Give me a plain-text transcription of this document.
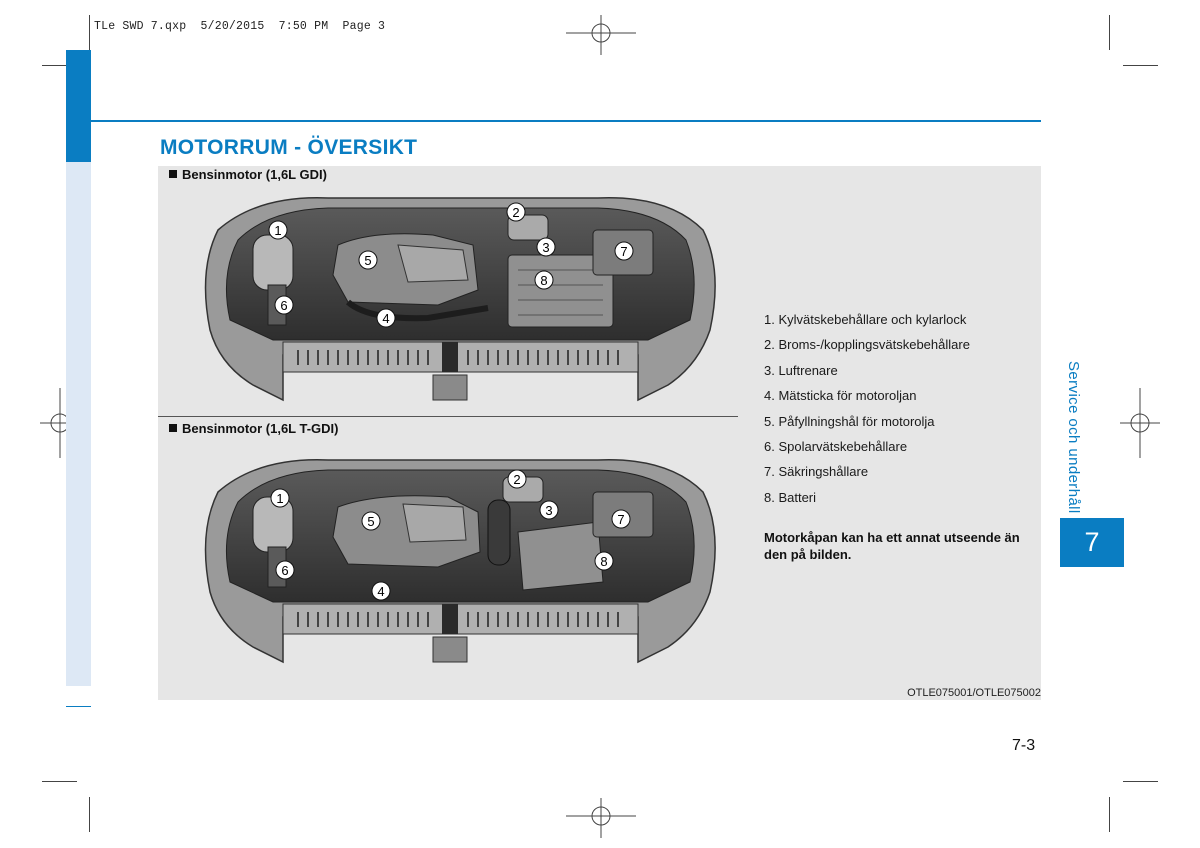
TLe SWD 7.qxp  5/20/2015  7:50 PM  Page 3
MOTORRUM - ÖVERSIKT
Bensinmotor (1,6L GDI)
Bensinmotor (1,6L T-GDI)
1
2
3
4
5
6
7
8
1
2
3
4
5
6
7
8
1. Kylvätskebehållare och kylarlock
2. Broms-/kopplingsvätskebehållare
3. Luftrenare
4. Mätsticka för motoroljan
5. Påfyllningshål för motorolja
6. Spolarvätskebehållare
7. Säkringshållare
8. Batteri
Motorkåpan kan ha ett annat utseende än den på bilden.
OTLE075001/OTLE075002
Service och underhåll
7
7-3
